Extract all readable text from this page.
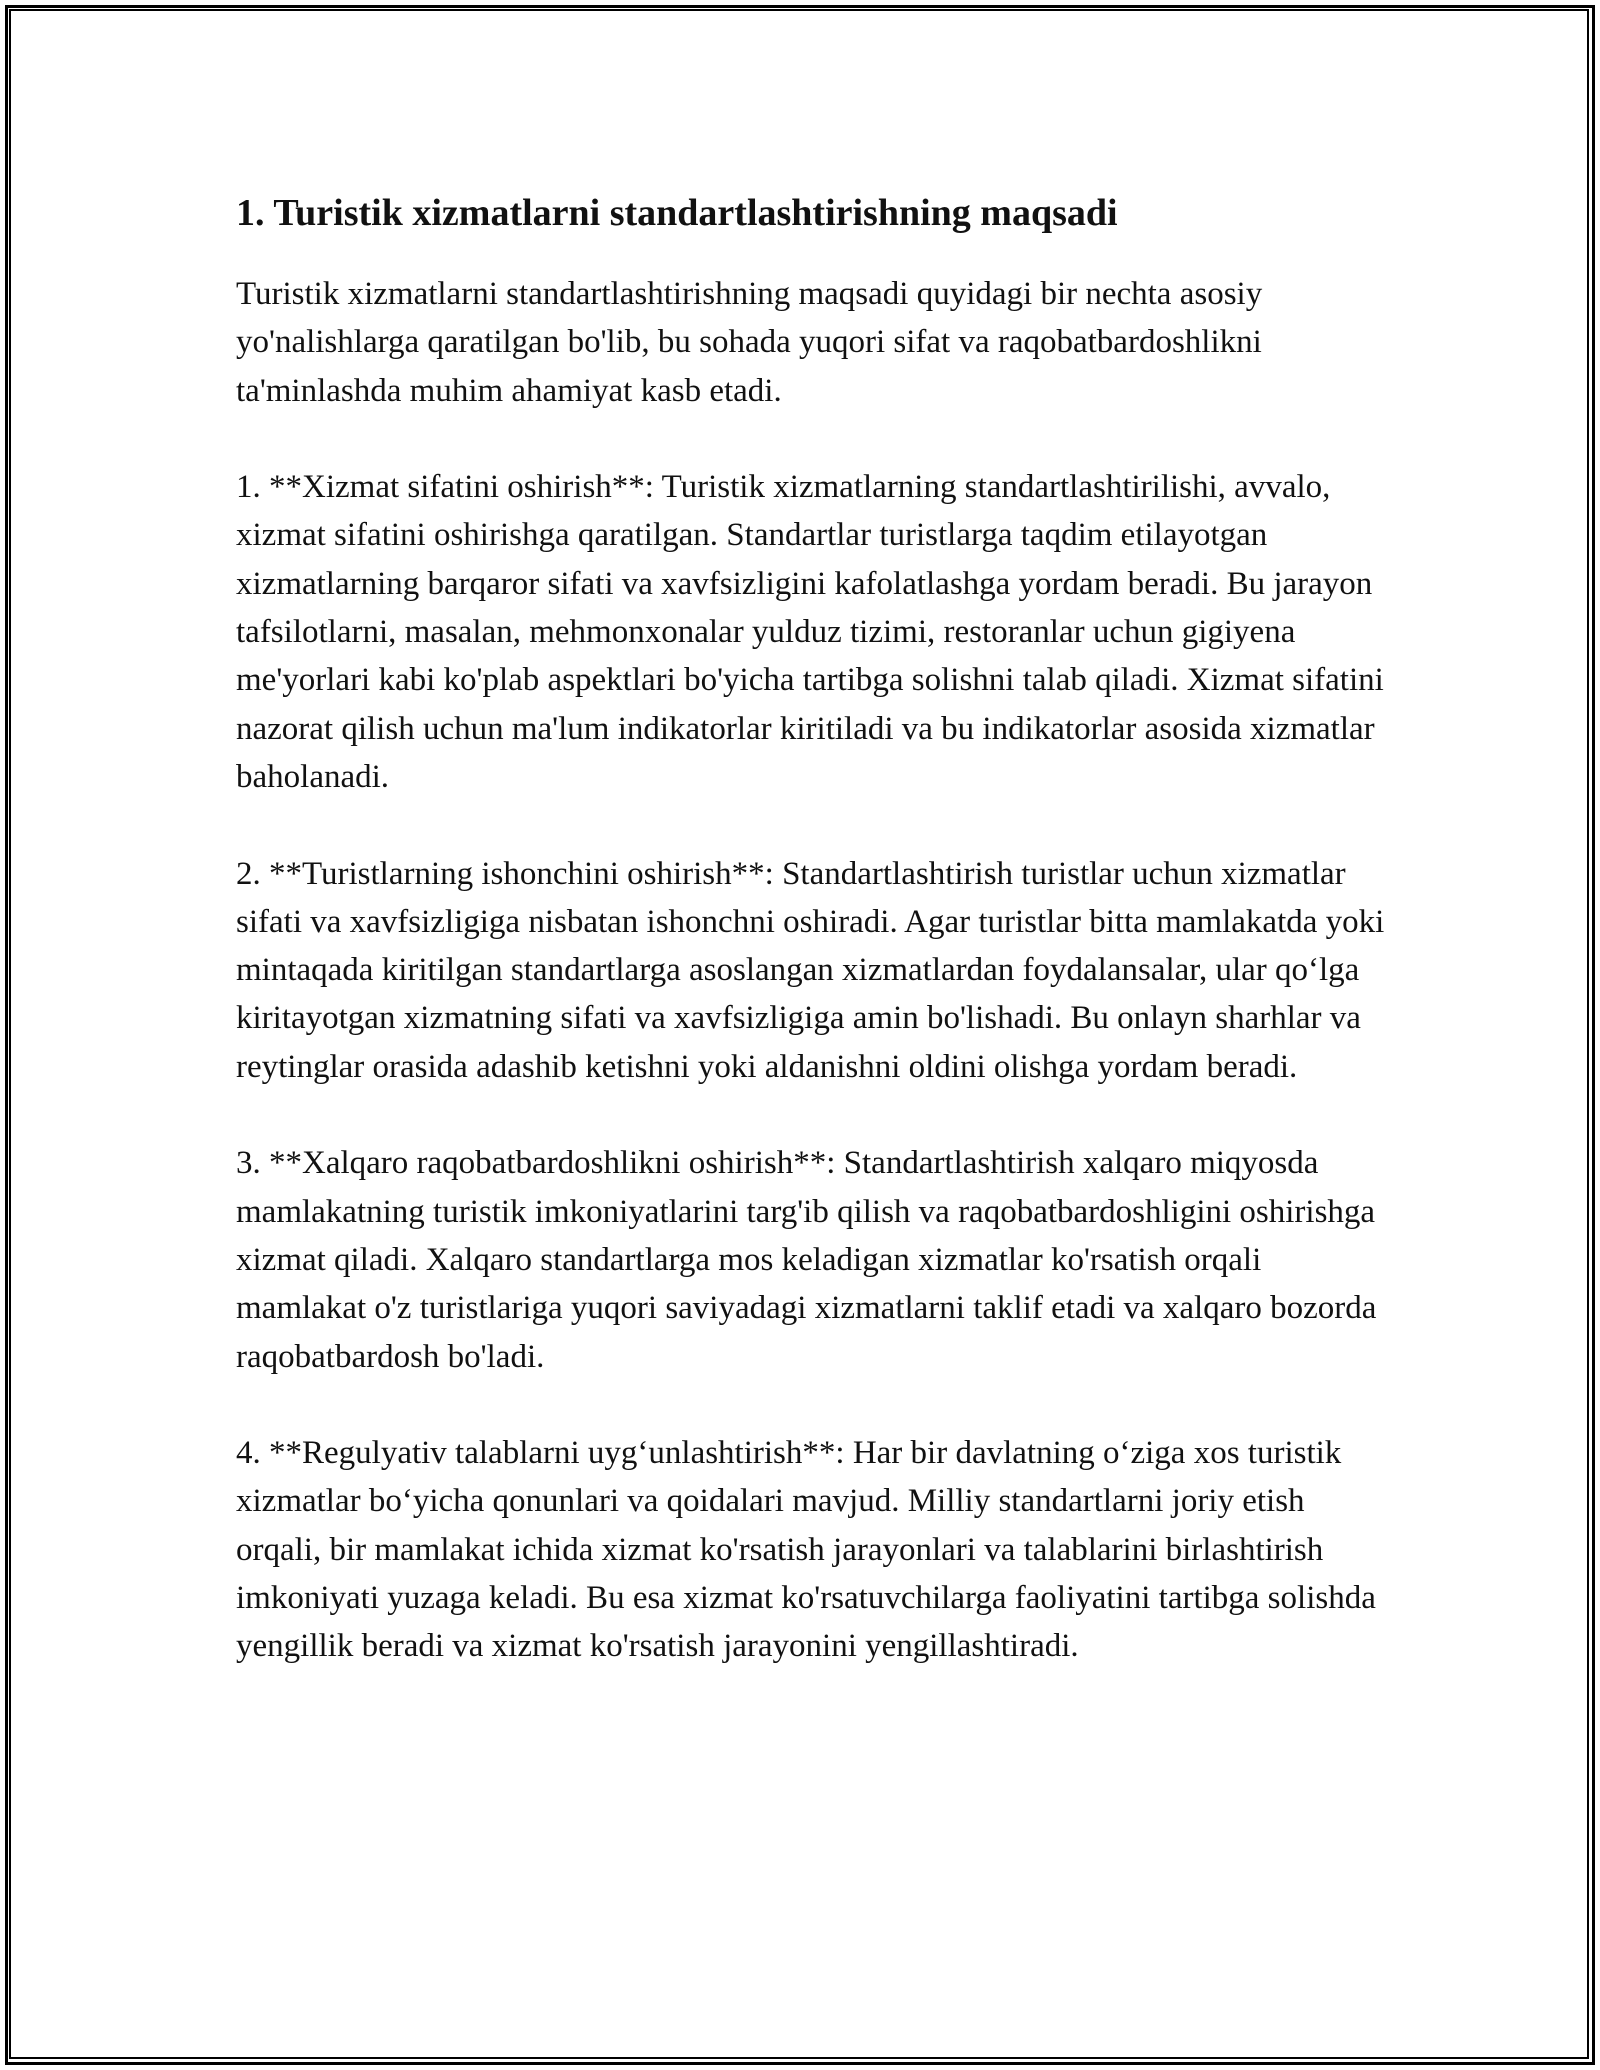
1. Turistik xizmatlarni standartlashtirishning maqsadi

Turistik xizmatlarni standartlashtirishning maqsadi quyidagi bir nechta asosiy yo'nalishlarga qaratilgan bo'lib, bu sohada yuqori sifat va raqobatbardoshlikni ta'minlashda muhim ahamiyat kasb etadi.

1. **Xizmat sifatini oshirish**: Turistik xizmatlarning standartlashtirilishi, avvalo, xizmat sifatini oshirishga qaratilgan. Standartlar turistlarga taqdim etilayotgan xizmatlarning barqaror sifati va xavfsizligini kafolatlashga yordam beradi. Bu jarayon tafsilotlarni, masalan, mehmonxonalar yulduz tizimi, restoranlar uchun gigiyena me'yorlari kabi ko'plab aspektlari bo'yicha tartibga solishni talab qiladi. Xizmat sifatini nazorat qilish uchun ma'lum indikatorlar kiritiladi va bu indikatorlar asosida xizmatlar baholanadi.

2. **Turistlarning ishonchini oshirish**: Standartlashtirish turistlar uchun xizmatlar sifati va xavfsizligiga nisbatan ishonchni oshiradi. Agar turistlar bitta mamlakatda yoki mintaqada kiritilgan standartlarga asoslangan xizmatlardan foydalansalar, ular qo‘lga kiritayotgan xizmatning sifati va xavfsizligiga amin bo'lishadi. Bu onlayn sharhlar va reytinglar orasida adashib ketishni yoki aldanishni oldini olishga yordam beradi.

3. **Xalqaro raqobatbardoshlikni oshirish**: Standartlashtirish xalqaro miqyosda mamlakatning turistik imkoniyatlarini targ'ib qilish va raqobatbardoshligini oshirishga xizmat qiladi. Xalqaro standartlarga mos keladigan xizmatlar ko'rsatish orqali mamlakat o'z turistlariga yuqori saviyadagi xizmatlarni taklif etadi va xalqaro bozorda raqobatbardosh bo'ladi.

4. **Regulyativ talablarni uyg‘unlashtirish**: Har bir davlatning o‘ziga xos turistik xizmatlar bo‘yicha qonunlari va qoidalari mavjud. Milliy standartlarni joriy etish orqali, bir mamlakat ichida xizmat ko'rsatish jarayonlari va talablarini birlashtirish imkoniyati yuzaga keladi. Bu esa xizmat ko'rsatuvchilarga faoliyatini tartibga solishda yengillik beradi va xizmat ko'rsatish jarayonini yengillashtiradi.
